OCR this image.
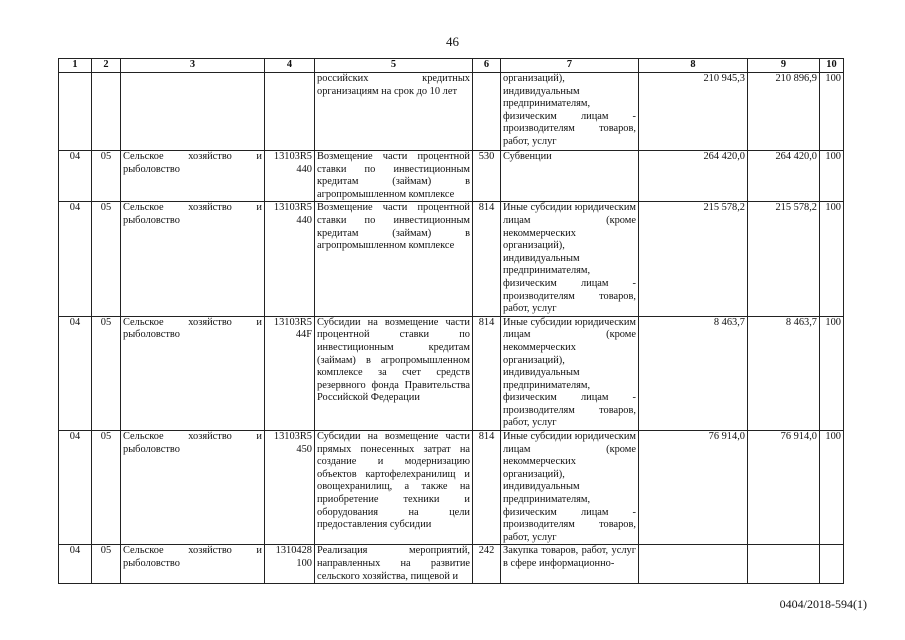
46
1	2	3	4	5	6	7	8	9	10
				российских кредитных организациям на срок до 10 лет		организаций), индивидуальным предпринимателям, физическим лицам - производителям товаров, работ, услуг	210 945,3	210 896,9	100
04	05	Сельское хозяйство и рыболовство	13103R5 440	Возмещение части процентной ставки по инвестиционным кредитам (займам) в агропромышленном комплексе	530	Субвенции	264 420,0	264 420,0	100
04	05	Сельское хозяйство и рыболовство	13103R5 440	Возмещение части процентной ставки по инвестиционным кредитам (займам) в агропромышленном комплексе	814	Иные субсидии юридическим лицам (кроме некоммерческих организаций), индивидуальным предпринимателям, физическим лицам - производителям товаров, работ, услуг	215 578,2	215 578,2	100
04	05	Сельское хозяйство и рыболовство	13103R5 44F	Субсидии на возмещение части процентной ставки по инвестиционным кредитам (займам) в агропромышленном комплексе за счет средств резервного фонда Правительства Российской Федерации	814	Иные субсидии юридическим лицам (кроме некоммерческих организаций), индивидуальным предпринимателям, физическим лицам - производителям товаров, работ, услуг	8 463,7	8 463,7	100
04	05	Сельское хозяйство и рыболовство	13103R5 450	Субсидии на возмещение части прямых понесенных затрат на создание и модернизацию объектов картофелехранилищ и овощехранилищ, а также на приобретение техники и оборудования на цели предоставления субсидии	814	Иные субсидии юридическим лицам (кроме некоммерческих организаций), индивидуальным предпринимателям, физическим лицам - производителям товаров, работ, услуг	76 914,0	76 914,0	100
04	05	Сельское хозяйство и рыболовство	1310428 100	Реализация мероприятий, направленных на развитие сельского хозяйства, пищевой и	242	Закупка товаров, работ, услуг в сфере информационно-			
0404/2018-594(1)
